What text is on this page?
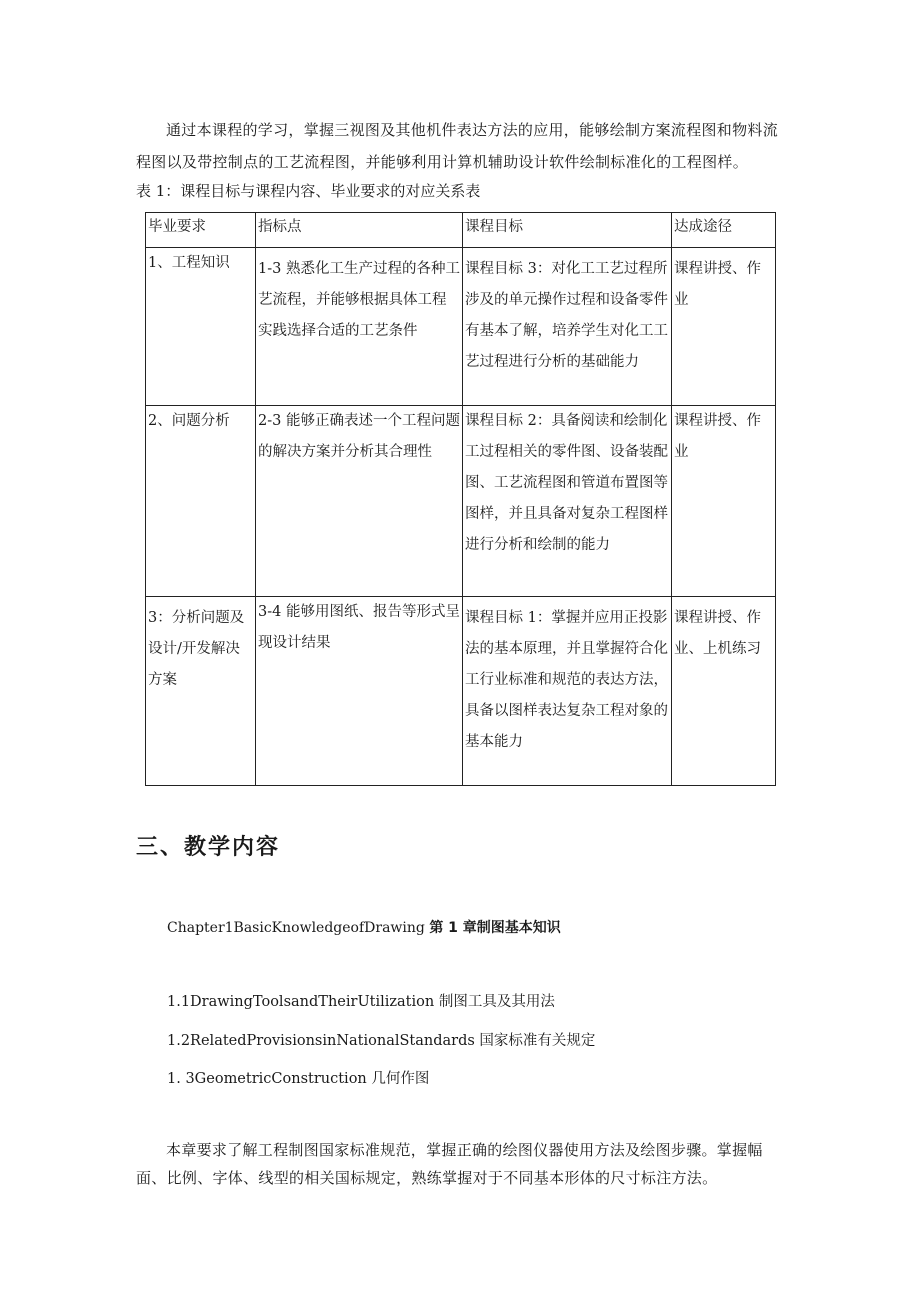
通过本课程的学习，掌握三视图及其他机件表达方法的应用，能够绘制方案流程图和物料流程图以及带控制点的工艺流程图，并能够利用计算机辅助设计软件绘制标准化的工程图样。

表 1：课程目标与课程内容、毕业要求的对应关系表
毕业要求	指标点	课程目标	达成途径
1、工程知识	1-3 熟悉化工生产过程的各种工艺流程，并能够根据具体工程实践选择合适的工艺条件	课程目标 3：对化工工艺过程所涉及的单元操作过程和设备零件有基本了解，培养学生对化工工艺过程进行分析的基础能力	课程讲授、作业

2、问题分析	2-3 能够正确表述一个工程问题的解决方案并分析其合理性	课程目标 2：具备阅读和绘制化工过程相关的零件图、设备装配图、工艺流程图和管道布置图等图样，并且具备对复杂工程图样进行分析和绘制的能力	课程讲授、作业

3：分析问题及设计/开发解决方案	3-4 能够用图纸、报告等形式呈现设计结果	课程目标 1：掌握并应用正投影法的基本原理，并且掌握符合化工行业标准和规范的表达方法，具备以图样表达复杂工程对象的基本能力	课程讲授、作业、上机练习
三、教学内容
Chapter1BasicKnowledgeofDrawing 第 1 章制图基本知识
1.1DrawingToolsandTheirUtilization 制图工具及其用法
1.2RelatedProvisionsinNationalStandards 国家标准有关规定
1. 3GeometricConstruction 几何作图

本章要求了解工程制图国家标准规范，掌握正确的绘图仪器使用方法及绘图步骤。掌握幅面、比例、字体、线型的相关国标规定，熟练掌握对于不同基本形体的尺寸标注方法。
